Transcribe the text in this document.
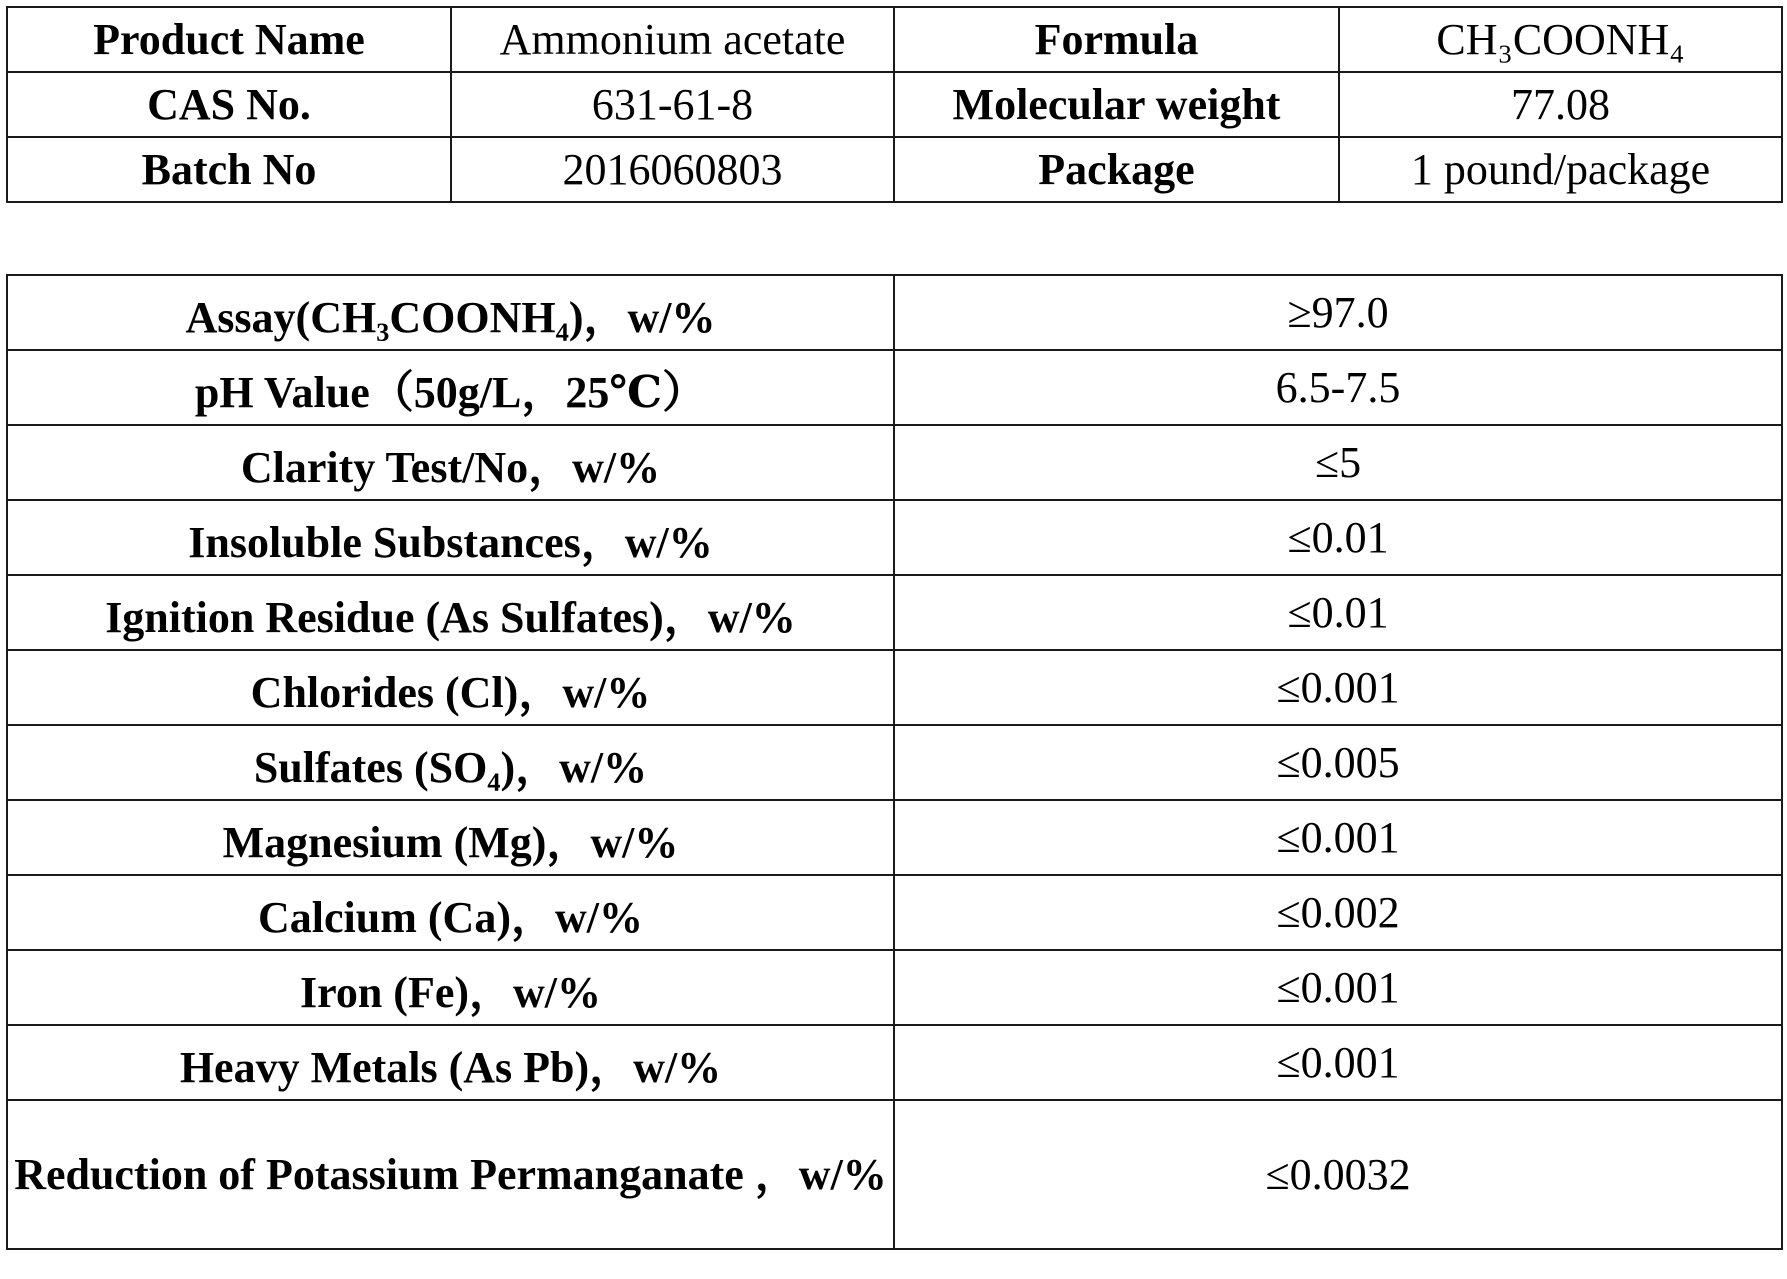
Product Name	Ammonium acetate	Formula	CH₃COONH₄
CAS No.	631-61-8	Molecular weight	77.08
Batch No	2016060803	Package	1 pound/package
Assay(CH₃COONH₄)，w/%	≥97.0
pH Value（50g/L，25℃）	6.5-7.5
Clarity Test/No，w/%	≤5
Insoluble Substances，w/%	≤0.01
Ignition Residue (As Sulfates)，w/%	≤0.01
Chlorides (Cl)，w/%	≤0.001
Sulfates (SO₄)，w/%	≤0.005
Magnesium (Mg)，w/%	≤0.001
Calcium (Ca)，w/%	≤0.002
Iron (Fe)，w/%	≤0.001
Heavy Metals (As Pb)，w/%	≤0.001
Reduction of Potassium Permanganate ，w/%	≤0.0032
